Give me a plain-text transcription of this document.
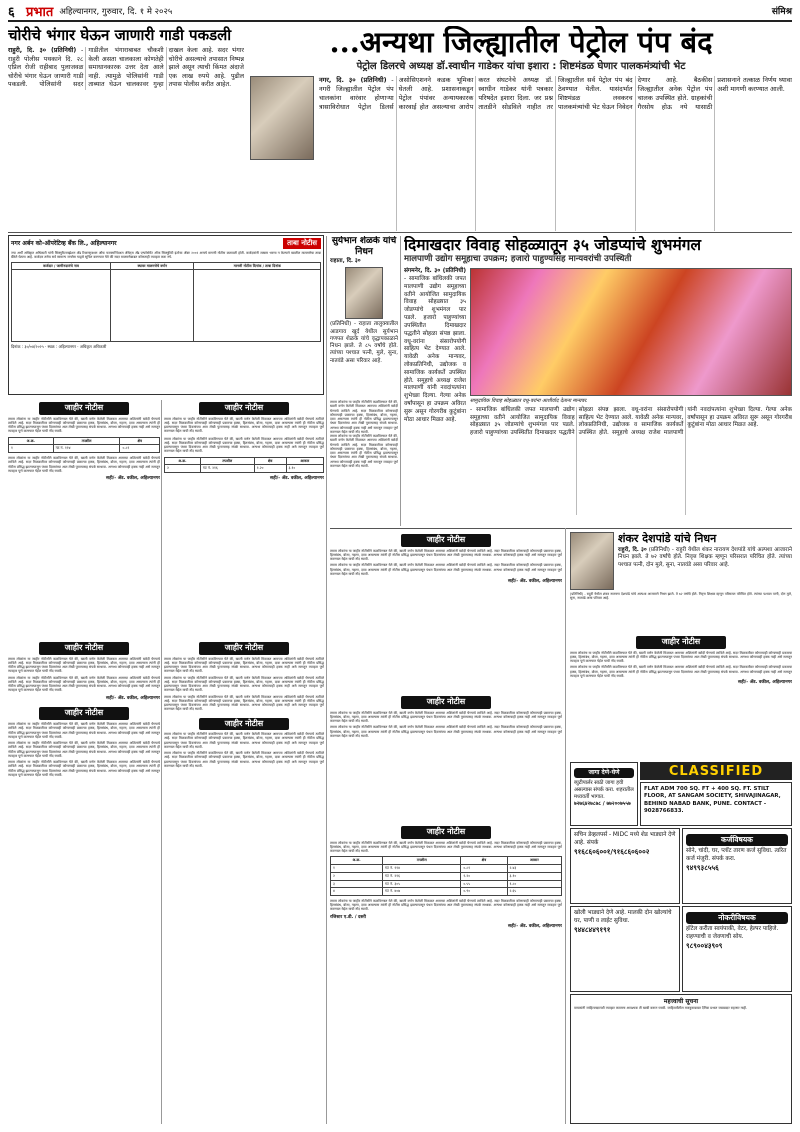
६ प्रभात अहिल्यानगर, गुरुवार, दि. १ मे २०२५	संमिश्र
चोरीचे भंगार घेऊन जाणारी गाडी पकडली
राहुरी, दि. ३० (प्रतिनिधी) - राहुरी पोलीस पथकाने दि. २८ एप्रिल रोजी राहीबाद पुलाजवळ चोरीचे भंगार घेऊन जाणारी गाडी पकडली. पोलिसांनी सदर गाडीतील भंगाराबाबत चौकशी केली असता चालकाला कोणतेही समाधानकारक उत्तर देता आले नाही. त्यामुळे पोलिसांनी गाडी ताब्यात घेऊन चालकावर गुन्हा दाखल केला आहे. सदर भंगार चोरीचे असल्याचे तपासात निष्पन्न झाले असून त्याची किंमत अंदाजे एक लाख रुपये आहे. पुढील तपास पोलीस करीत आहेत.
...अन्यथा जिल्ह्यातील पेट्रोल पंप बंद
पेट्रोल डिलरचे अध्यक्ष डॉ.स्वाधीन गाडेकर यांचा इशारा : शिष्टमंडळ घेणार पालकमंत्र्यांची भेट
नगर, दि. ३० (प्रतिनिधी) - नगरी जिल्ह्यातील पेट्रोल पंप चालकांना वारंवार होणाऱ्या त्रासाविरोधात पेट्रोल डिलर्स असोसिएशनने कडक भूमिका घेतली आहे. प्रशासनाकडून पेट्रोल पंपांवर अन्यायकारक कारवाई होत असल्याचा आरोप करत संघटनेचे अध्यक्ष डॉ. स्वाधीन गाडेकर यांनी पत्रकार परिषदेत इशारा दिला. जर प्रश्न तातडीने सोडविले नाहीत तर जिल्ह्यातील सर्व पेट्रोल पंप बंद ठेवण्यात येतील. यासंदर्भात शिष्टमंडळ लवकरच पालकमंत्र्यांची भेट घेऊन निवेदन देणार आहे. बैठकीस जिल्ह्यातील अनेक पेट्रोल पंप चालक उपस्थित होते. ग्राहकांची गैरसोय होऊ नये यासाठी प्रशासनाने तत्काळ निर्णय घ्यावा अशी मागणी करण्यात आली.
नगर अर्बन को-ऑपरेटिव्ह बँक लि., अहिल्यानगर	ताबा नोटीस
ज्या अर्थी अधिकृत अधिकारी यांनी सिक्युरिटायझेशन अँड रिकन्स्ट्रक्शन ऑफ फायनान्शिअल ॲसेट्स अँड एन्फोर्समेंट ऑफ सिक्युरिटी इंटरेस्ट ॲक्ट २००२ अन्वये मागणी नोटीस बजावली होती. कर्जदारांनी रक्कम भरणा न केल्याने खालील मालमत्तेचा ताबा बँकेने घेतला आहे. कर्जदार तसेच सर्व सामान्य जनतेस याद्वारे सूचित करण्यात येते की सदर मालमत्तेबाबत कोणताही व्यवहार करू नये.
कर्जदार / जामीनदारांचे नाव	स्थावर मालमत्तेचे वर्णन	मागणी नोटीस दिनांक / ताबा दिनांक

दिनांक : ३०/०४/२०२५ · स्थळ : अहिल्यानगर · अधिकृत अधिकारी
सुर्यभान शेळके यांचे निधन
राहाता, दि. ३०
(प्रतिनिधी) - राहाता तालुक्यातील आडगाव खुर्द येथील सुर्यभान गणपत शेळके यांचे वृद्धापकाळाने निधन झाले. ते ८५ वर्षांचे होते. त्यांच्या पश्चात पत्नी, मुले, सुना, नातवंडे असा परिवार आहे.
दिमाखदार विवाह सोहळ्यातून ३५ जोडप्यांचे शुभमंगल
मालपाणी उद्योग समूहाचा उपक्रम; हजारो पाहुण्यांसह मान्यवरांची उपस्थिती
संगमनेर, दि. ३० (प्रतिनिधी) - सामाजिक बांधिलकी जपत मालपाणी उद्योग समूहाच्या वतीने आयोजित सामुदायिक विवाह सोहळ्यात ३५ जोडप्यांचे शुभमंगल पार पडले. हजारो पाहुण्यांच्या उपस्थितीत दिमाखदार पद्धतीने सोहळा संपन्न झाला. वधू-वरांना संसारोपयोगी साहित्य भेट देण्यात आले. यावेळी अनेक मान्यवर, लोकप्रतिनिधी, उद्योजक व सामाजिक कार्यकर्ते उपस्थित होते. समूहाचे अध्यक्ष राजेश मालपाणी यांनी नवदांपत्यांना शुभेच्छा दिल्या. गेल्या अनेक वर्षांपासून हा उपक्रम अविरत सुरू असून गोरगरीब कुटुंबांना मोठा आधार मिळत आहे.
सामुदायिक विवाह सोहळ्यात वधू-वरांना आशीर्वाद देताना मान्यवर.
- सामाजिक बांधिलकी जपत मालपाणी उद्योग समूहाच्या वतीने आयोजित सामुदायिक विवाह सोहळ्यात ३५ जोडप्यांचे शुभमंगल पार पडले. हजारो पाहुण्यांच्या उपस्थितीत दिमाखदार पद्धतीने सोहळा संपन्न झाला. वधू-वरांना संसारोपयोगी साहित्य भेट देण्यात आले. यावेळी अनेक मान्यवर, लोकप्रतिनिधी, उद्योजक व सामाजिक कार्यकर्ते उपस्थित होते. समूहाचे अध्यक्ष राजेश मालपाणी यांनी नवदांपत्यांना शुभेच्छा दिल्या. गेल्या अनेक वर्षांपासून हा उपक्रम अविरत सुरू असून गोरगरीब कुटुंबांना मोठा आधार मिळत आहे.
जाहीर नोटीस
तमाम लोकांना या जाहीर नोटीसीने कळविण्यात येते की, खाली वर्णन केलेली मिळकत आमच्या अशिलांनी खरेदी घेण्याचे ठरविले आहे. सदर मिळकतीवर कोणाचाही कोणत्याही प्रकारचा हक्क, हितसंबंध, बोजा, गहाण, दावा असल्यास त्यांनी ही नोटीस प्रसिद्ध झाल्यापासून पंधरा दिवसांच्या आत लेखी पुराव्यासह संपर्क साधावा. अन्यथा कोणाचाही हक्क नाही असे समजून व्यवहार पूर्ण करण्यात येईल याची नोंद घ्यावी.
अ.क्र.	तपशील	क्षेत्र
१	गट नं. ११४	०.८१
तमाम लोकांना या जाहीर नोटीसीने कळविण्यात येते की, खाली वर्णन केलेली मिळकत आमच्या अशिलांनी खरेदी घेण्याचे ठरविले आहे. सदर मिळकतीवर कोणाचाही कोणत्याही प्रकारचा हक्क, हितसंबंध, बोजा, गहाण, दावा असल्यास त्यांनी ही नोटीस प्रसिद्ध झाल्यापासून पंधरा दिवसांच्या आत लेखी पुराव्यासह संपर्क साधावा. अन्यथा कोणाचाही हक्क नाही असे समजून व्यवहार पूर्ण करण्यात येईल याची नोंद घ्यावी.
सही/- ॲड. वकील, अहिल्यानगर
जाहीर नोटीस
तमाम लोकांना या जाहीर नोटीसीने कळविण्यात येते की, खाली वर्णन केलेली मिळकत आमच्या अशिलांनी खरेदी घेण्याचे ठरविले आहे. सदर मिळकतीवर कोणाचाही कोणत्याही प्रकारचा हक्क, हितसंबंध, बोजा, गहाण, दावा असल्यास त्यांनी ही नोटीस प्रसिद्ध झाल्यापासून पंधरा दिवसांच्या आत लेखी पुराव्यासह संपर्क साधावा. अन्यथा कोणाचाही हक्क नाही असे समजून व्यवहार पूर्ण करण्यात येईल याची नोंद घ्यावी.
तमाम लोकांना या जाहीर नोटीसीने कळविण्यात येते की, खाली वर्णन केलेली मिळकत आमच्या अशिलांनी खरेदी घेण्याचे ठरविले आहे. सदर मिळकतीवर कोणाचाही कोणत्याही प्रकारचा हक्क, हितसंबंध, बोजा, गहाण, दावा असल्यास त्यांनी ही नोटीस प्रसिद्ध झाल्यापासून पंधरा दिवसांच्या आत लेखी पुराव्यासह संपर्क साधावा. अन्यथा कोणाचाही हक्क नाही असे समजून व्यवहार पूर्ण करण्यात येईल याची नोंद घ्यावी.
अ.क्र.	तपशील	क्षेत्र	आकार
२	गट नं. २१६	१.२०	३.१०
सही/- ॲड. वकील, अहिल्यानगर
तमाम लोकांना या जाहीर नोटीसीने कळविण्यात येते की, खाली वर्णन केलेली मिळकत आमच्या अशिलांनी खरेदी घेण्याचे ठरविले आहे. सदर मिळकतीवर कोणाचाही कोणत्याही प्रकारचा हक्क, हितसंबंध, बोजा, गहाण, दावा असल्यास त्यांनी ही नोटीस प्रसिद्ध झाल्यापासून पंधरा दिवसांच्या आत लेखी पुराव्यासह संपर्क साधावा. अन्यथा कोणाचाही हक्क नाही असे समजून व्यवहार पूर्ण करण्यात येईल याची नोंद घ्यावी.
तमाम लोकांना या जाहीर नोटीसीने कळविण्यात येते की, खाली वर्णन केलेली मिळकत आमच्या अशिलांनी खरेदी घेण्याचे ठरविले आहे. सदर मिळकतीवर कोणाचाही कोणत्याही प्रकारचा हक्क, हितसंबंध, बोजा, गहाण, दावा असल्यास त्यांनी ही नोटीस प्रसिद्ध झाल्यापासून पंधरा दिवसांच्या आत लेखी पुराव्यासह संपर्क साधावा. अन्यथा कोणाचाही हक्क नाही असे समजून व्यवहार पूर्ण करण्यात येईल याची नोंद घ्यावी.
जाहीर नोटीस
तमाम लोकांना या जाहीर नोटीसीने कळविण्यात येते की, खाली वर्णन केलेली मिळकत आमच्या अशिलांनी खरेदी घेण्याचे ठरविले आहे. सदर मिळकतीवर कोणाचाही कोणत्याही प्रकारचा हक्क, हितसंबंध, बोजा, गहाण, दावा असल्यास त्यांनी ही नोटीस प्रसिद्ध झाल्यापासून पंधरा दिवसांच्या आत लेखी पुराव्यासह संपर्क साधावा. अन्यथा कोणाचाही हक्क नाही असे समजून व्यवहार पूर्ण करण्यात येईल याची नोंद घ्यावी.
तमाम लोकांना या जाहीर नोटीसीने कळविण्यात येते की, खाली वर्णन केलेली मिळकत आमच्या अशिलांनी खरेदी घेण्याचे ठरविले आहे. सदर मिळकतीवर कोणाचाही कोणत्याही प्रकारचा हक्क, हितसंबंध, बोजा, गहाण, दावा असल्यास त्यांनी ही नोटीस प्रसिद्ध झाल्यापासून पंधरा दिवसांच्या आत लेखी पुराव्यासह संपर्क साधावा. अन्यथा कोणाचाही हक्क नाही असे समजून व्यवहार पूर्ण करण्यात येईल याची नोंद घ्यावी.
सही/- ॲड. वकील, अहिल्यानगर
जाहीर नोटीस
तमाम लोकांना या जाहीर नोटीसीने कळविण्यात येते की, खाली वर्णन केलेली मिळकत आमच्या अशिलांनी खरेदी घेण्याचे ठरविले आहे. सदर मिळकतीवर कोणाचाही कोणत्याही प्रकारचा हक्क, हितसंबंध, बोजा, गहाण, दावा असल्यास त्यांनी ही नोटीस प्रसिद्ध झाल्यापासून पंधरा दिवसांच्या आत लेखी पुराव्यासह संपर्क साधावा. अन्यथा कोणाचाही हक्क नाही असे समजून व्यवहार पूर्ण करण्यात येईल याची नोंद घ्यावी.
तमाम लोकांना या जाहीर नोटीसीने कळविण्यात येते की, खाली वर्णन केलेली मिळकत आमच्या अशिलांनी खरेदी घेण्याचे ठरविले आहे. सदर मिळकतीवर कोणाचाही कोणत्याही प्रकारचा हक्क, हितसंबंध, बोजा, गहाण, दावा असल्यास त्यांनी ही नोटीस प्रसिद्ध झाल्यापासून पंधरा दिवसांच्या आत लेखी पुराव्यासह संपर्क साधावा. अन्यथा कोणाचाही हक्क नाही असे समजून व्यवहार पूर्ण करण्यात येईल याची नोंद घ्यावी.
शंकर देशपांडे यांचे निधन
राहुरी, दि. ३० (प्रतिनिधी) - राहुरी येथील शंकर नारायण देशपांडे यांचे अल्पशा आजाराने निधन झाले. ते ७२ वर्षांचे होते. निवृत्त शिक्षक म्हणून परिसरात परिचित होते. त्यांच्या पश्चात पत्नी, दोन मुले, सुना, नातवंडे असा परिवार आहे.
(प्रतिनिधी) - राहुरी येथील शंकर नारायण देशपांडे यांचे अल्पशा आजाराने निधन झाले. ते ७२ वर्षांचे होते. निवृत्त शिक्षक म्हणून परिसरात परिचित होते. त्यांच्या पश्चात पत्नी, दोन मुले, सुना, नातवंडे असा परिवार आहे.
जाहीर नोटीस
तमाम लोकांना या जाहीर नोटीसीने कळविण्यात येते की, खाली वर्णन केलेली मिळकत आमच्या अशिलांनी खरेदी घेण्याचे ठरविले आहे. सदर मिळकतीवर कोणाचाही कोणत्याही प्रकारचा हक्क, हितसंबंध, बोजा, गहाण, दावा असल्यास त्यांनी ही नोटीस प्रसिद्ध झाल्यापासून पंधरा दिवसांच्या आत लेखी पुराव्यासह संपर्क साधावा. अन्यथा कोणाचाही हक्क नाही असे समजून व्यवहार पूर्ण करण्यात येईल याची नोंद घ्यावी.
तमाम लोकांना या जाहीर नोटीसीने कळविण्यात येते की, खाली वर्णन केलेली मिळकत आमच्या अशिलांनी खरेदी घेण्याचे ठरविले आहे. सदर मिळकतीवर कोणाचाही कोणत्याही प्रकारचा हक्क, हितसंबंध, बोजा, गहाण, दावा असल्यास त्यांनी ही नोटीस प्रसिद्ध झाल्यापासून पंधरा दिवसांच्या आत लेखी पुराव्यासह संपर्क साधावा. अन्यथा कोणाचाही हक्क नाही असे समजून व्यवहार पूर्ण करण्यात येईल याची नोंद घ्यावी.
सही/- ॲड. वकील, अहिल्यानगर
CLASSIFIED
जागा देणे-घेणे
ब्युटीपार्लर साठी जागा हवी असल्यास संपर्क करा. शहरातील मध्यवर्ती भागात.
७२७६४२७८७८ / ७७२००७५५७
FLAT ADM 700 SQ. FT + 400 SQ. FT. STILT FLOOR, AT SANGAM SOCIETY, SHIVAJINAGAR, BEHIND NABAD BANK, PUNE. CONTACT - 9028766833.
सचिन डेव्हलपर्स - MIDC मध्ये शेड भाड्याने देणे आहे. संपर्क
९१६८६०६००१/९१६८६०६००२
कर्जविषयक
सोने, चांदी, घर, प्लॉट तारण कर्ज सुविधा. त्वरित कर्ज मंजुरी. संपर्क करा.
९४९९३८५५६
खोली भाड्याने देणे आहे. मालकी दोन खोल्यांचे घर, पाणी व लाईट सुविधा.
९४४८४४९१९१
नोकरीविषयक
हॉटेल करीता स्वयंपाकी, वेटर, हेल्पर पाहिजे. राहण्याची व जेवणाची सोय.
९८९००४३९०९
महत्त्वाची सूचना
वाचकांनी जाहिरातदारांशी व्यवहार करताना आवश्यक ती खात्री करून घ्यावी. जाहिरातीतील मजकुराबाबत दैनिक प्रभात जबाबदार राहणार नाही.
जाहीर नोटीस
तमाम लोकांना या जाहीर नोटीसीने कळविण्यात येते की, खाली वर्णन केलेली मिळकत आमच्या अशिलांनी खरेदी घेण्याचे ठरविले आहे. सदर मिळकतीवर कोणाचाही कोणत्याही प्रकारचा हक्क, हितसंबंध, बोजा, गहाण, दावा असल्यास त्यांनी ही नोटीस प्रसिद्ध झाल्यापासून पंधरा दिवसांच्या आत लेखी पुराव्यासह संपर्क साधावा. अन्यथा कोणाचाही हक्क नाही असे समजून व्यवहार पूर्ण करण्यात येईल याची नोंद घ्यावी.
तमाम लोकांना या जाहीर नोटीसीने कळविण्यात येते की, खाली वर्णन केलेली मिळकत आमच्या अशिलांनी खरेदी घेण्याचे ठरविले आहे. सदर मिळकतीवर कोणाचाही कोणत्याही प्रकारचा हक्क, हितसंबंध, बोजा, गहाण, दावा असल्यास त्यांनी ही नोटीस प्रसिद्ध झाल्यापासून पंधरा दिवसांच्या आत लेखी पुराव्यासह संपर्क साधावा. अन्यथा कोणाचाही हक्क नाही असे समजून व्यवहार पूर्ण करण्यात येईल याची नोंद घ्यावी.
सही/- ॲड. वकील, अहिल्यानगर
जाहीर नोटीस
तमाम लोकांना या जाहीर नोटीसीने कळविण्यात येते की, खाली वर्णन केलेली मिळकत आमच्या अशिलांनी खरेदी घेण्याचे ठरविले आहे. सदर मिळकतीवर कोणाचाही कोणत्याही प्रकारचा हक्क, हितसंबंध, बोजा, गहाण, दावा असल्यास त्यांनी ही नोटीस प्रसिद्ध झाल्यापासून पंधरा दिवसांच्या आत लेखी पुराव्यासह संपर्क साधावा. अन्यथा कोणाचाही हक्क नाही असे समजून व्यवहार पूर्ण करण्यात येईल याची नोंद घ्यावी.
तमाम लोकांना या जाहीर नोटीसीने कळविण्यात येते की, खाली वर्णन केलेली मिळकत आमच्या अशिलांनी खरेदी घेण्याचे ठरविले आहे. सदर मिळकतीवर कोणाचाही कोणत्याही प्रकारचा हक्क, हितसंबंध, बोजा, गहाण, दावा असल्यास त्यांनी ही नोटीस प्रसिद्ध झाल्यापासून पंधरा दिवसांच्या आत लेखी पुराव्यासह संपर्क साधावा. अन्यथा कोणाचाही हक्क नाही असे समजून व्यवहार पूर्ण करण्यात येईल याची नोंद घ्यावी.
तमाम लोकांना या जाहीर नोटीसीने कळविण्यात येते की, खाली वर्णन केलेली मिळकत आमच्या अशिलांनी खरेदी घेण्याचे ठरविले आहे. सदर मिळकतीवर कोणाचाही कोणत्याही प्रकारचा हक्क, हितसंबंध, बोजा, गहाण, दावा असल्यास त्यांनी ही नोटीस प्रसिद्ध झाल्यापासून पंधरा दिवसांच्या आत लेखी पुराव्यासह संपर्क साधावा. अन्यथा कोणाचाही हक्क नाही असे समजून व्यवहार पूर्ण करण्यात येईल याची नोंद घ्यावी.
जाहीर नोटीस
तमाम लोकांना या जाहीर नोटीसीने कळविण्यात येते की, खाली वर्णन केलेली मिळकत आमच्या अशिलांनी खरेदी घेण्याचे ठरविले आहे. सदर मिळकतीवर कोणाचाही कोणत्याही प्रकारचा हक्क, हितसंबंध, बोजा, गहाण, दावा असल्यास त्यांनी ही नोटीस प्रसिद्ध झाल्यापासून पंधरा दिवसांच्या आत लेखी पुराव्यासह संपर्क साधावा. अन्यथा कोणाचाही हक्क नाही असे समजून व्यवहार पूर्ण करण्यात येईल याची नोंद घ्यावी.
तमाम लोकांना या जाहीर नोटीसीने कळविण्यात येते की, खाली वर्णन केलेली मिळकत आमच्या अशिलांनी खरेदी घेण्याचे ठरविले आहे. सदर मिळकतीवर कोणाचाही कोणत्याही प्रकारचा हक्क, हितसंबंध, बोजा, गहाण, दावा असल्यास त्यांनी ही नोटीस प्रसिद्ध झाल्यापासून पंधरा दिवसांच्या आत लेखी पुराव्यासह संपर्क साधावा. अन्यथा कोणाचाही हक्क नाही असे समजून व्यवहार पूर्ण करण्यात येईल याची नोंद घ्यावी.
तमाम लोकांना या जाहीर नोटीसीने कळविण्यात येते की, खाली वर्णन केलेली मिळकत आमच्या अशिलांनी खरेदी घेण्याचे ठरविले आहे. सदर मिळकतीवर कोणाचाही कोणत्याही प्रकारचा हक्क, हितसंबंध, बोजा, गहाण, दावा असल्यास त्यांनी ही नोटीस प्रसिद्ध झाल्यापासून पंधरा दिवसांच्या आत लेखी पुराव्यासह संपर्क साधावा. अन्यथा कोणाचाही हक्क नाही असे समजून व्यवहार पूर्ण करण्यात येईल याची नोंद घ्यावी.
जाहीर नोटीस
तमाम लोकांना या जाहीर नोटीसीने कळविण्यात येते की, खाली वर्णन केलेली मिळकत आमच्या अशिलांनी खरेदी घेण्याचे ठरविले आहे. सदर मिळकतीवर कोणाचाही कोणत्याही प्रकारचा हक्क, हितसंबंध, बोजा, गहाण, दावा असल्यास त्यांनी ही नोटीस प्रसिद्ध झाल्यापासून पंधरा दिवसांच्या आत लेखी पुराव्यासह संपर्क साधावा. अन्यथा कोणाचाही हक्क नाही असे समजून व्यवहार पूर्ण करण्यात येईल याची नोंद घ्यावी.
तमाम लोकांना या जाहीर नोटीसीने कळविण्यात येते की, खाली वर्णन केलेली मिळकत आमच्या अशिलांनी खरेदी घेण्याचे ठरविले आहे. सदर मिळकतीवर कोणाचाही कोणत्याही प्रकारचा हक्क, हितसंबंध, बोजा, गहाण, दावा असल्यास त्यांनी ही नोटीस प्रसिद्ध झाल्यापासून पंधरा दिवसांच्या आत लेखी पुराव्यासह संपर्क साधावा. अन्यथा कोणाचाही हक्क नाही असे समजून व्यवहार पूर्ण करण्यात येईल याची नोंद घ्यावी.
जाहीर नोटीस
तमाम लोकांना या जाहीर नोटीसीने कळविण्यात येते की, खाली वर्णन केलेली मिळकत आमच्या अशिलांनी खरेदी घेण्याचे ठरविले आहे. सदर मिळकतीवर कोणाचाही कोणत्याही प्रकारचा हक्क, हितसंबंध, बोजा, गहाण, दावा असल्यास त्यांनी ही नोटीस प्रसिद्ध झाल्यापासून पंधरा दिवसांच्या आत लेखी पुराव्यासह संपर्क साधावा. अन्यथा कोणाचाही हक्क नाही असे समजून व्यवहार पूर्ण करण्यात येईल याची नोंद घ्यावी.
अ.क्र.	तपशील	क्षेत्र	आकार
१	गट नं. ११४	०.८१	२.४३
२	गट नं. २१६	१.२०	३.१०
३	गट नं. ३०५	०.५५	१.८०
४	गट नं. ४०७	०.९०	२.६५
तमाम लोकांना या जाहीर नोटीसीने कळविण्यात येते की, खाली वर्णन केलेली मिळकत आमच्या अशिलांनी खरेदी घेण्याचे ठरविले आहे. सदर मिळकतीवर कोणाचाही कोणत्याही प्रकारचा हक्क, हितसंबंध, बोजा, गहाण, दावा असल्यास त्यांनी ही नोटीस प्रसिद्ध झाल्यापासून पंधरा दिवसांच्या आत लेखी पुराव्यासह संपर्क साधावा. अन्यथा कोणाचाही हक्क नाही असे समजून व्यवहार पूर्ण करण्यात येईल याची नोंद घ्यावी.
रजिस्टर ए.डी. / दस्ती
सही/- ॲड. वकील, अहिल्यानगर
